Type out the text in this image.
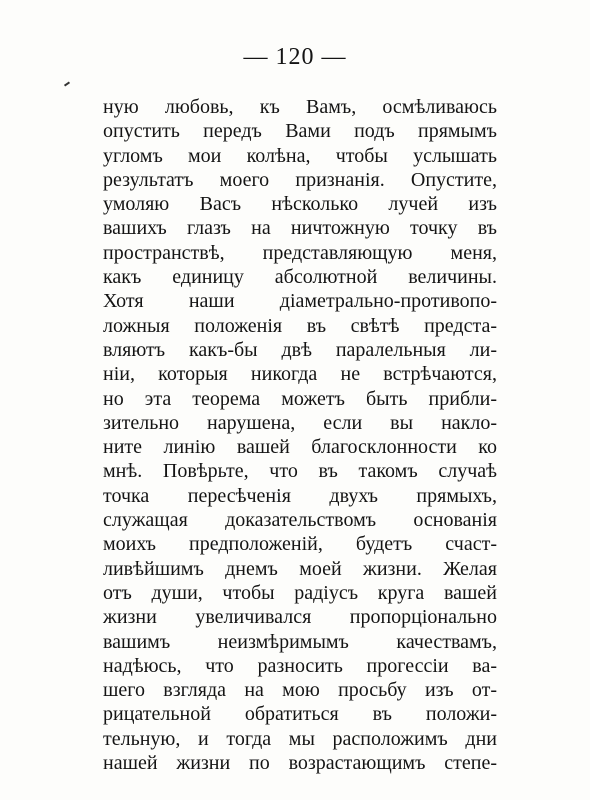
— 120 —
ную любовь, къ Вамъ, осмѣливаюсь
опустить передъ Вами подъ прямымъ
угломъ мои колѣна, чтобы услышать
результатъ моего признанія. Опустите,
умоляю Васъ нѣсколько лучей изъ
вашихъ глазъ на ничтожную точку въ
пространствѣ, представляющую меня,
какъ единицу абсолютной величины.
Хотя наши діаметрально-противопо-
ложныя положенія въ свѣтѣ предста-
вляютъ какъ-бы двѣ паралельныя ли-
ніи, которыя никогда не встрѣчаются,
но эта теорема можетъ быть прибли-
зительно нарушена, если вы накло-
ните линію вашей благосклонности ко
мнѣ. Повѣрьте, что въ такомъ случаѣ
точка пересѣченія двухъ прямыхъ,
служащая доказательствомъ основанія
моихъ предположеній, будетъ счаст-
ливѣйшимъ днемъ моей жизни. Желая
отъ души, чтобы радіусъ круга вашей
жизни увеличивался пропорціонально
вашимъ неизмѣримымъ качествамъ,
надѣюсь, что разносить прогессіи ва-
шего взгляда на мою просьбу изъ от-
рицательной обратиться въ положи-
тельную, и тогда мы расположимъ дни
нашей жизни по возрастающимъ степе-
